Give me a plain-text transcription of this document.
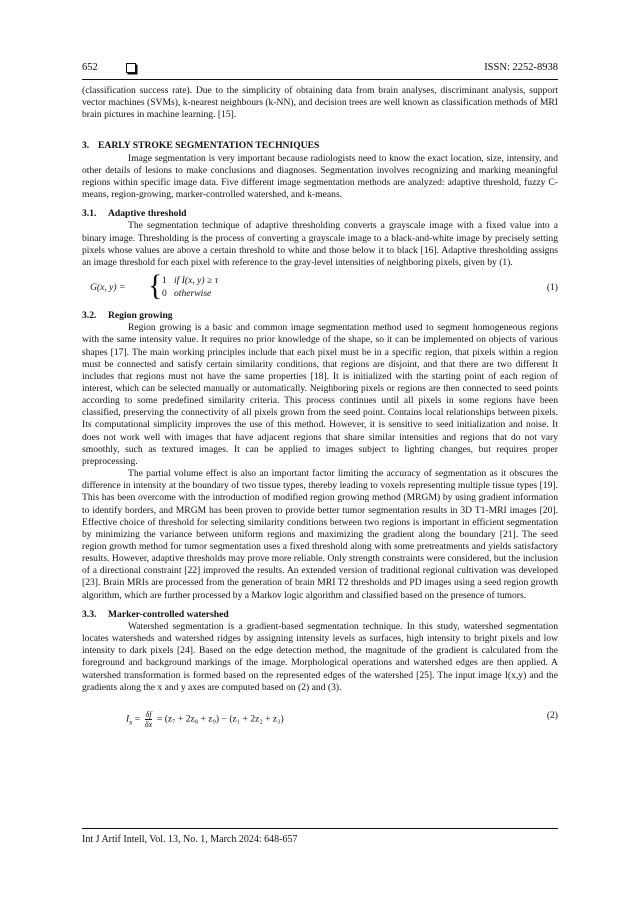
652	ISSN: 2252-8938

(classification success rate). Due to the simplicity of obtaining data from brain analyses, discriminant analysis, support vector machines (SVMs), k-nearest neighbours (k-NN), and decision trees are well known as classification methods of MRI brain pictures in machine learning. [15].

3. EARLY STROKE SEGMENTATION TECHNIQUES

Image segmentation is very important because radiologists need to know the exact location, size, intensity, and other details of lesions to make conclusions and diagnoses. Segmentation involves recognizing and marking meaningful regions within specific image data. Five different image segmentation methods are analyzed: adaptive threshold, fuzzy C-means, region-growing, marker-controlled watershed, and k-means.

3.1. Adaptive threshold

The segmentation technique of adaptive thresholding converts a grayscale image with a fixed value into a binary image. Thresholding is the process of converting a grayscale image to a black-and-white image by precisely setting pixels whose values are above a certain threshold to white and those below it to black [16]. Adaptive thresholding assigns an image threshold for each pixel with reference to the gray-level intensities of neighboring pixels, given by (1).

G(x, y) = { 1 if I(x, y) ≥ τ
0 otherwise
(1)
3.2. Region growing

Region growing is a basic and common image segmentation method used to segment homogeneous regions with the same intensity value. It requires no prior knowledge of the shape, so it can be implemented on objects of various shapes [17]. The main working principles include that each pixel must be in a specific region, that pixels within a region must be connected and satisfy certain similarity conditions, that regions are disjoint, and that there are two different It includes that regions must not have the same properties [18]. It is initialized with the starting point of each region of interest, which can be selected manually or automatically. Neighboring pixels or regions are then connected to seed points according to some predefined similarity criteria. This process continues until all pixels in some regions have been classified, preserving the connectivity of all pixels grown from the seed point. Contains local relationships between pixels. Its computational simplicity improves the use of this method. However, it is sensitive to seed initialization and noise. It does not work well with images that have adjacent regions that share similar intensities and regions that do not vary smoothly, such as textured images. It can be applied to images subject to lighting changes, but requires proper preprocessing.

The partial volume effect is also an important factor limiting the accuracy of segmentation as it obscures the difference in intensity at the boundary of two tissue types, thereby leading to voxels representing multiple tissue types [19]. This has been overcome with the introduction of modified region growing method (MRGM) by using gradient information to identify borders, and MRGM has been proven to provide better tumor segmentation results in 3D T1-MRI images [20]. Effective choice of threshold for selecting similarity conditions between two regions is important in efficient segmentation by minimizing the variance between uniform regions and maximizing the gradient along the boundary [21]. The seed region growth method for tumor segmentation uses a fixed threshold along with some pretreatments and yields satisfactory results. However, adaptive thresholds may prove more reliable. Only strength constraints were considered, but the inclusion of a directional constraint [22] improved the results. An extended version of traditional regional cultivation was developed [23]. Brain MRIs are processed from the generation of brain MRI T2 thresholds and PD images using a seed region growth algorithm, which are further processed by a Markov logic algorithm and classified based on the presence of tumors.

3.3. Marker-controlled watershed

Watershed segmentation is a gradient-based segmentation technique. In this study, watershed segmentation locates watersheds and watershed ridges by assigning intensity levels as surfaces, high intensity to bright pixels and low intensity to dark pixels [24]. Based on the edge detection method, the magnitude of the gradient is calculated from the foreground and background markings of the image. Morphological operations and watershed edges are then applied. A watershed transformation is formed based on the represented edges of the watershed [25]. The input image I(x,y) and the gradients along the x and y axes are computed based on (2) and (3).

$I_x = \frac{\delta f}{\delta x} = (z_7 + 2z_8 + z_9) - (z_1 + 2z_2 + z_3)$	(2)
Int J Artif Intell, Vol. 13, No. 1, March 2024: 648-657
